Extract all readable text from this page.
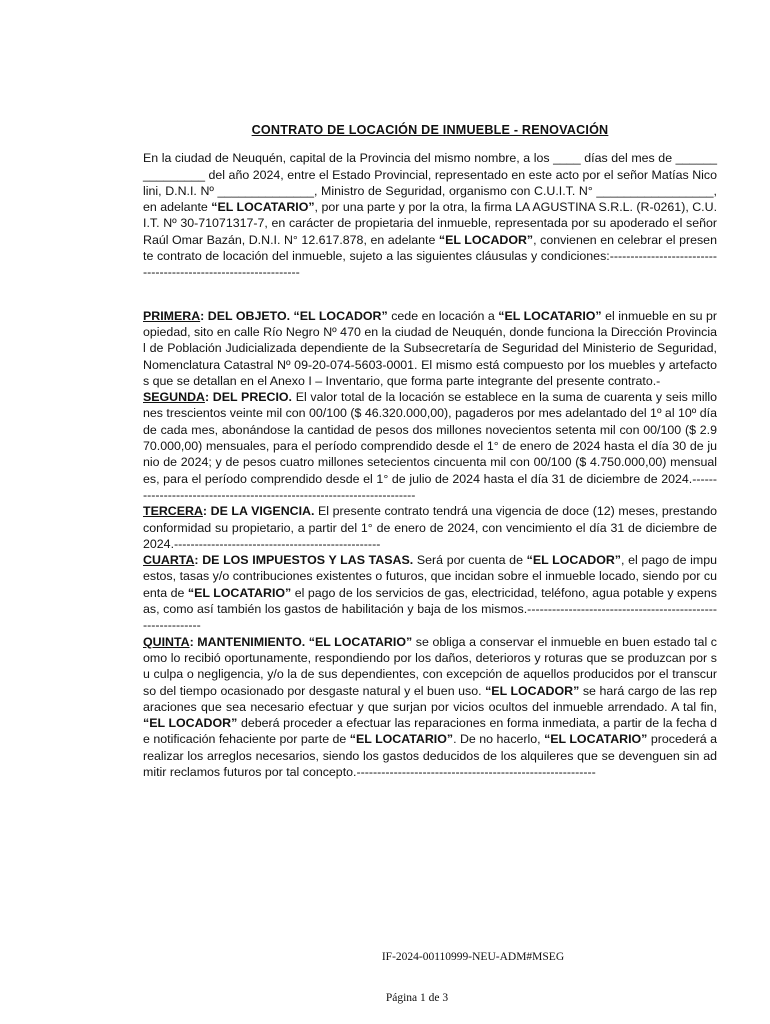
CONTRATO DE LOCACIÓN DE INMUEBLE - RENOVACIÓN

En la ciudad de Neuquén, capital de la Provincia del mismo nombre, a los ____ días del mes de _______________ del año 2024, entre el Estado Provincial, representado en este acto por el señor Matías Nicolini, D.N.I. Nº ______________, Ministro de Seguridad, organismo con C.U.I.T. N° _________________, en adelante “EL LOCATARIO”, por una parte y por la otra, la firma LA AGUSTINA S.R.L. (R-0261), C.U.I.T. Nº 30-71071317-7, en carácter de propietaria del inmueble, representada por su apoderado el señor Raúl Omar Bazán, D.N.I. N° 12.617.878, en adelante “EL LOCADOR”, convienen en celebrar el presente contrato de locación del inmueble, sujeto a las siguientes cláusulas y condiciones:----------------------------------------------------------------

PRIMERA: DEL OBJETO. “EL LOCADOR” cede en locación a “EL LOCATARIO” el inmueble en su propiedad, sito en calle Río Negro Nº 470 en la ciudad de Neuquén, donde funciona la Dirección Provincial de Población Judicializada dependiente de la Subsecretaría de Seguridad del Ministerio de Seguridad, Nomenclatura Catastral Nº 09-20-074-5603-0001. El mismo está compuesto por los muebles y artefactos que se detallan en el Anexo I – Inventario, que forma parte integrante del presente contrato.-

SEGUNDA: DEL PRECIO. El valor total de la locación se establece en la suma de cuarenta y seis millones trescientos veinte mil con 00/100 ($ 46.320.000,00), pagaderos por mes adelantado del 1º al 10º día de cada mes, abonándose la cantidad de pesos dos millones novecientos setenta mil con 00/100 ($ 2.970.000,00) mensuales, para el período comprendido desde el 1° de enero de 2024 hasta el día 30 de junio de 2024; y de pesos cuatro millones setecientos cincuenta mil con 00/100 ($ 4.750.000,00) mensuales, para el período comprendido desde el 1° de julio de 2024 hasta el día 31 de diciembre de 2024.------------------------------------------------------------------------

TERCERA: DE LA VIGENCIA. El presente contrato tendrá una vigencia de doce (12) meses, prestando conformidad su propietario, a partir del 1° de enero de 2024, con vencimiento el día 31 de diciembre de 2024.--------------------------------------------------

CUARTA: DE LOS IMPUESTOS Y LAS TASAS. Será por cuenta de “EL LOCADOR”, el pago de impuestos, tasas y/o contribuciones existentes o futuros, que incidan sobre el inmueble locado, siendo por cuenta de “EL LOCATARIO” el pago de los servicios de gas, electricidad, teléfono, agua potable y expensas, como así también los gastos de habilitación y baja de los mismos.------------------------------------------------------------

QUINTA: MANTENIMIENTO. “EL LOCATARIO” se obliga a conservar el inmueble en buen estado tal como lo recibió oportunamente, respondiendo por los daños, deterioros y roturas que se produzcan por su culpa o negligencia, y/o la de sus dependientes, con excepción de aquellos producidos por el transcurso del tiempo ocasionado por desgaste natural y el buen uso. “EL LOCADOR” se hará cargo de las reparaciones que sea necesario efectuar y que surjan por vicios ocultos del inmueble arrendado. A tal fin, “EL LOCADOR” deberá proceder a efectuar las reparaciones en forma inmediata, a partir de la fecha de notificación fehaciente por parte de “EL LOCATARIO”. De no hacerlo, “EL LOCATARIO” procederá a realizar los arreglos necesarios, siendo los gastos deducidos de los alquileres que se devenguen sin admitir reclamos futuros por tal concepto.----------------------------------------------------------

IF-2024-00110999-NEU-ADM#MSEG
Página 1 de 3
